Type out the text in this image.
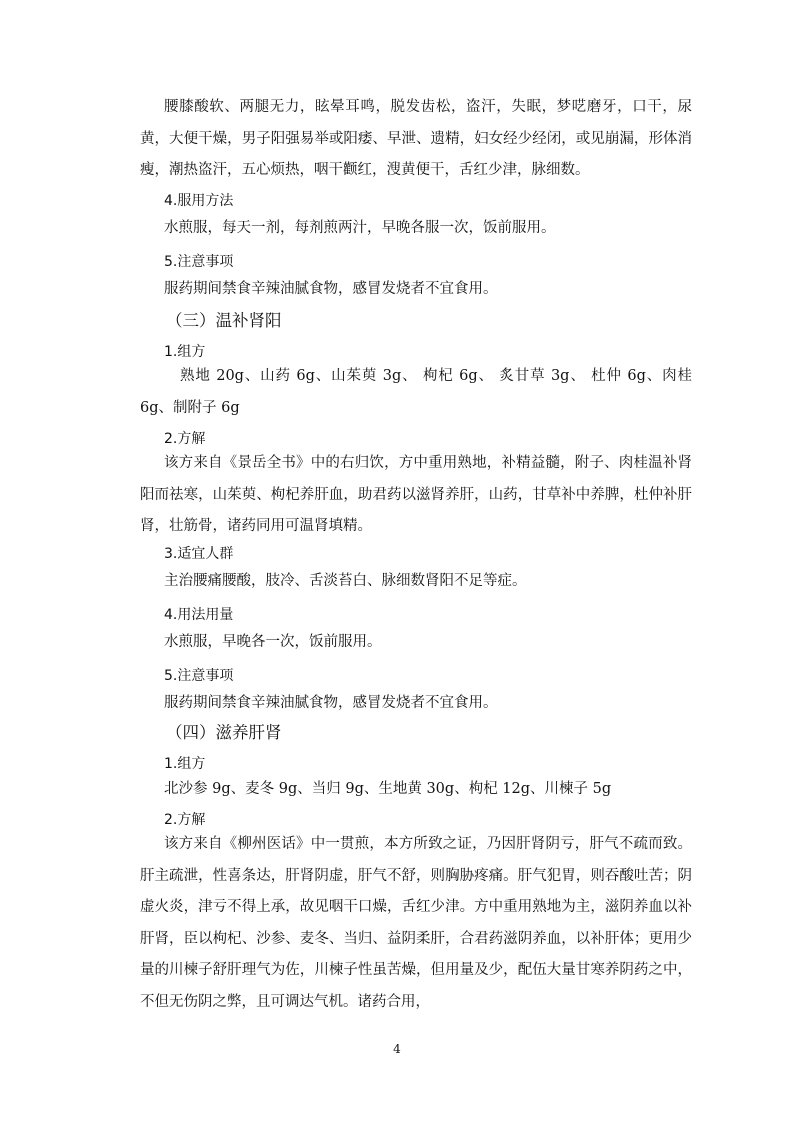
腰膝酸软、两腿无力，眩晕耳鸣，脱发齿松，盗汗，失眠，梦呓磨牙，口干，尿黄，大便干燥，男子阳强易举或阳痿、早泄、遗精，妇女经少经闭，或见崩漏，形体消瘦，潮热盗汗，五心烦热，咽干颧红，溲黄便干，舌红少津，脉细数。

4.服用方法

水煎服，每天一剂，每剂煎两汁，早晚各服一次，饭前服用。

5.注意事项

服药期间禁食辛辣油腻食物，感冒发烧者不宜食用。

（三）温补肾阳
1.组方

熟地 20g、山药 6g、山茱萸 3g、 枸杞 6g、 炙甘草 3g、 杜仲 6g、肉桂 6g、制附子 6g

2.方解

该方来自《景岳全书》中的右归饮，方中重用熟地，补精益髓，附子、肉桂温补肾阳而祛寒，山茱萸、枸杞养肝血，助君药以滋肾养肝，山药，甘草补中养脾，杜仲补肝肾，壮筋骨，诸药同用可温肾填精。

3.适宜人群

主治腰痛腰酸，肢冷、舌淡苔白、脉细数肾阳不足等症。

4.用法用量

水煎服，早晚各一次，饭前服用。

5.注意事项

服药期间禁食辛辣油腻食物，感冒发烧者不宜食用。

（四）滋养肝肾
1.组方

北沙参 9g、麦冬 9g、当归 9g、生地黄 30g、枸杞 12g、川楝子 5g

2.方解

该方来自《柳州医话》中一贯煎，本方所致之证，乃因肝肾阴亏，肝气不疏而致。肝主疏泄，性喜条达，肝肾阴虚，肝气不舒，则胸胁疼痛。肝气犯胃，则吞酸吐苦；阴虚火炎，津亏不得上承，故见咽干口燥，舌红少津。方中重用熟地为主，滋阴养血以补肝肾，臣以枸杞、沙参、麦冬、当归、益阴柔肝，合君药滋阴养血，以补肝体；更用少量的川楝子舒肝理气为佐，川楝子性虽苦燥，但用量及少，配伍大量甘寒养阴药之中，不但无伤阴之弊，且可调达气机。诸药合用，

4
